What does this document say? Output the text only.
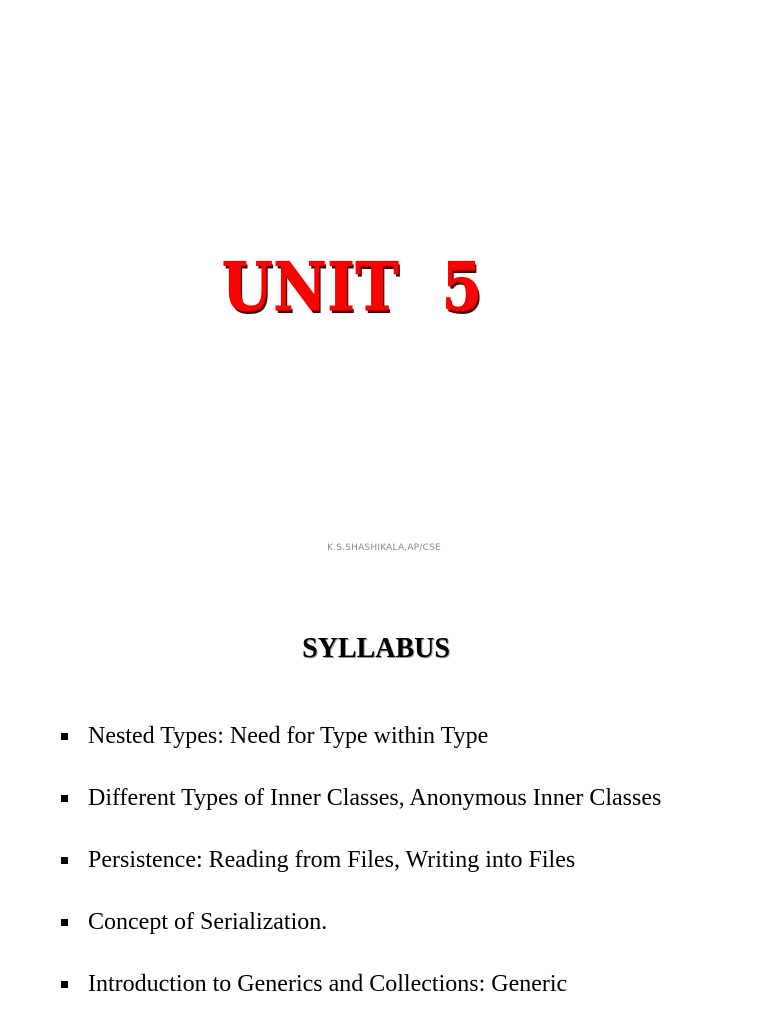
UNIT  5
K.S.SHASHIKALA,AP/CSE
SYLLABUS
Nested Types: Need for Type within Type
Different Types of Inner Classes, Anonymous Inner Classes
Persistence: Reading from Files, Writing into Files
Concept of Serialization.
Introduction to Generics and Collections: Generic
